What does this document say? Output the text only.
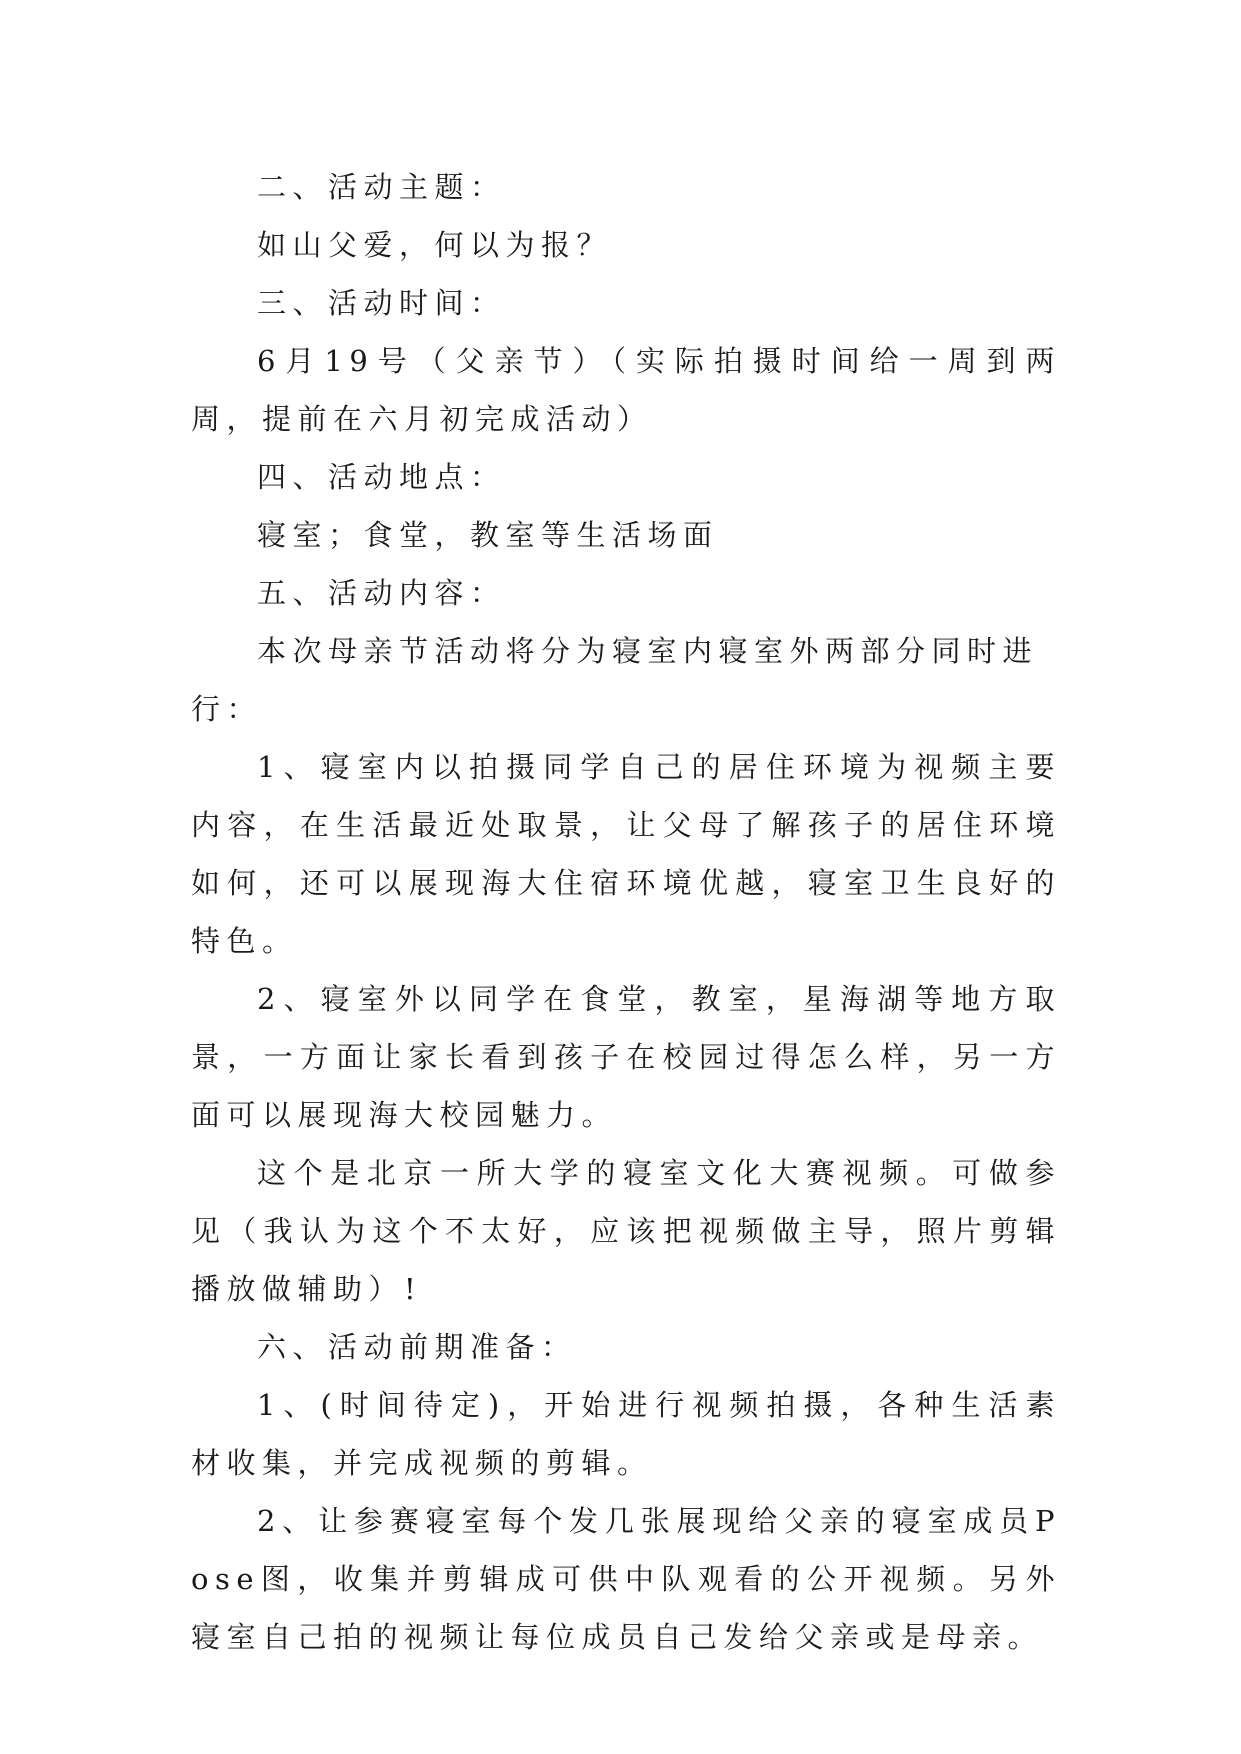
二、活动主题：

如山父爱，何以为报？

三、活动时间：

6月19号（父亲节）（实际拍摄时间给一周到两周，提前在六月初完成活动）

四、活动地点：

寝室；食堂，教室等生活场面

五、活动内容：

本次母亲节活动将分为寝室内寝室外两部分同时进行：

1、寝室内以拍摄同学自己的居住环境为视频主要内容，在生活最近处取景，让父母了解孩子的居住环境如何，还可以展现海大住宿环境优越，寝室卫生良好的特色。

2、寝室外以同学在食堂，教室，星海湖等地方取景，一方面让家长看到孩子在校园过得怎么样，另一方面可以展现海大校园魅力。

这个是北京一所大学的寝室文化大赛视频。可做参见（我认为这个不太好，应该把视频做主导，照片剪辑播放做辅助）!

六、活动前期准备：

1、(时间待定)，开始进行视频拍摄，各种生活素材收集，并完成视频的剪辑。

2、让参赛寝室每个发几张展现给父亲的寝室成员Pose图，收集并剪辑成可供中队观看的公开视频。另外寝室自己拍的视频让每位成员自己发给父亲或是母亲。
